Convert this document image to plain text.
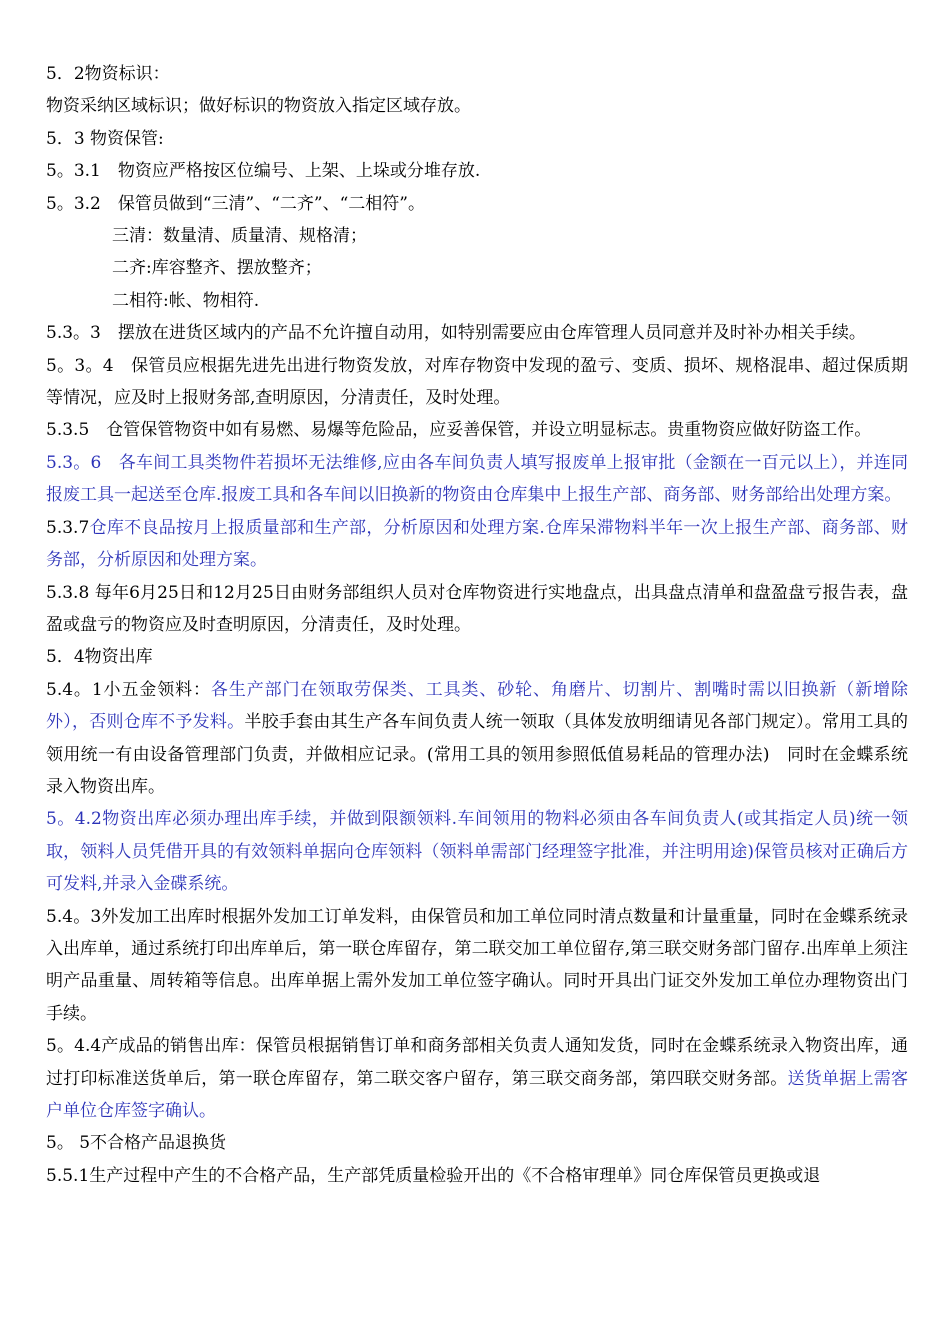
5．2物资标识：
物资采纳区域标识；做好标识的物资放入指定区域存放。
5．3 物资保管:
5。3.1　物资应严格按区位编号、上架、上垛或分堆存放.
5。3.2　保管员做到“三清”、“二齐”、“二相符”。
三清：数量清、质量清、规格清；
二齐:库容整齐、摆放整齐；
二相符:帐、物相符.
5.3。3　摆放在进货区域内的产品不允许擅自动用，如特别需要应由仓库管理人员同意并及时补办相关手续。
5。3。4　保管员应根据先进先出进行物资发放，对库存物资中发现的盈亏、变质、损坏、规格混串、超过保质期等情况，应及时上报财务部,查明原因，分清责任，及时处理。
5.3.5　仓管保管物资中如有易燃、易爆等危险品，应妥善保管，并设立明显标志。贵重物资应做好防盗工作。
5.3。6　各车间工具类物件若损坏无法维修,应由各车间负责人填写报废单上报审批（金额在一百元以上），并连同报废工具一起送至仓库.报废工具和各车间以旧换新的物资由仓库集中上报生产部、商务部、财务部给出处理方案。
5.3.7仓库不良品按月上报质量部和生产部，分析原因和处理方案.仓库呆滞物料半年一次上报生产部、商务部、财务部，分析原因和处理方案。
5.3.8 每年6月25日和12月25日由财务部组织人员对仓库物资进行实地盘点，出具盘点清单和盘盈盘亏报告表，盘盈或盘亏的物资应及时查明原因，分清责任，及时处理。
5．4物资出库
5.4。1小五金领料：各生产部门在领取劳保类、工具类、砂轮、角磨片、切割片、割嘴时需以旧换新（新增除外），否则仓库不予发料。半胶手套由其生产各车间负责人统一领取（具体发放明细请见各部门规定）。常用工具的领用统一有由设备管理部门负责，并做相应记录。(常用工具的领用参照低值易耗品的管理办法)　同时在金蝶系统录入物资出库。
5。4.2物资出库必须办理出库手续，并做到限额领料.车间领用的物料必须由各车间负责人(或其指定人员)统一领取，领料人员凭借开具的有效领料单据向仓库领料（领料单需部门经理签字批准，并注明用途)保管员核对正确后方可发料,并录入金碟系统。
5.4。3外发加工出库时根据外发加工订单发料，由保管员和加工单位同时清点数量和计量重量，同时在金蝶系统录入出库单，通过系统打印出库单后，第一联仓库留存，第二联交加工单位留存,第三联交财务部门留存.出库单上须注明产品重量、周转箱等信息。出库单据上需外发加工单位签字确认。同时开具出门证交外发加工单位办理物资出门手续。
5。4.4产成品的销售出库：保管员根据销售订单和商务部相关负责人通知发货，同时在金蝶系统录入物资出库，通过打印标准送货单后，第一联仓库留存，第二联交客户留存，第三联交商务部，第四联交财务部。送货单据上需客户单位仓库签字确认。
5。 5不合格产品退换货
5.5.1生产过程中产生的不合格产品，生产部凭质量检验开出的《不合格审理单》同仓库保管员更换或退
